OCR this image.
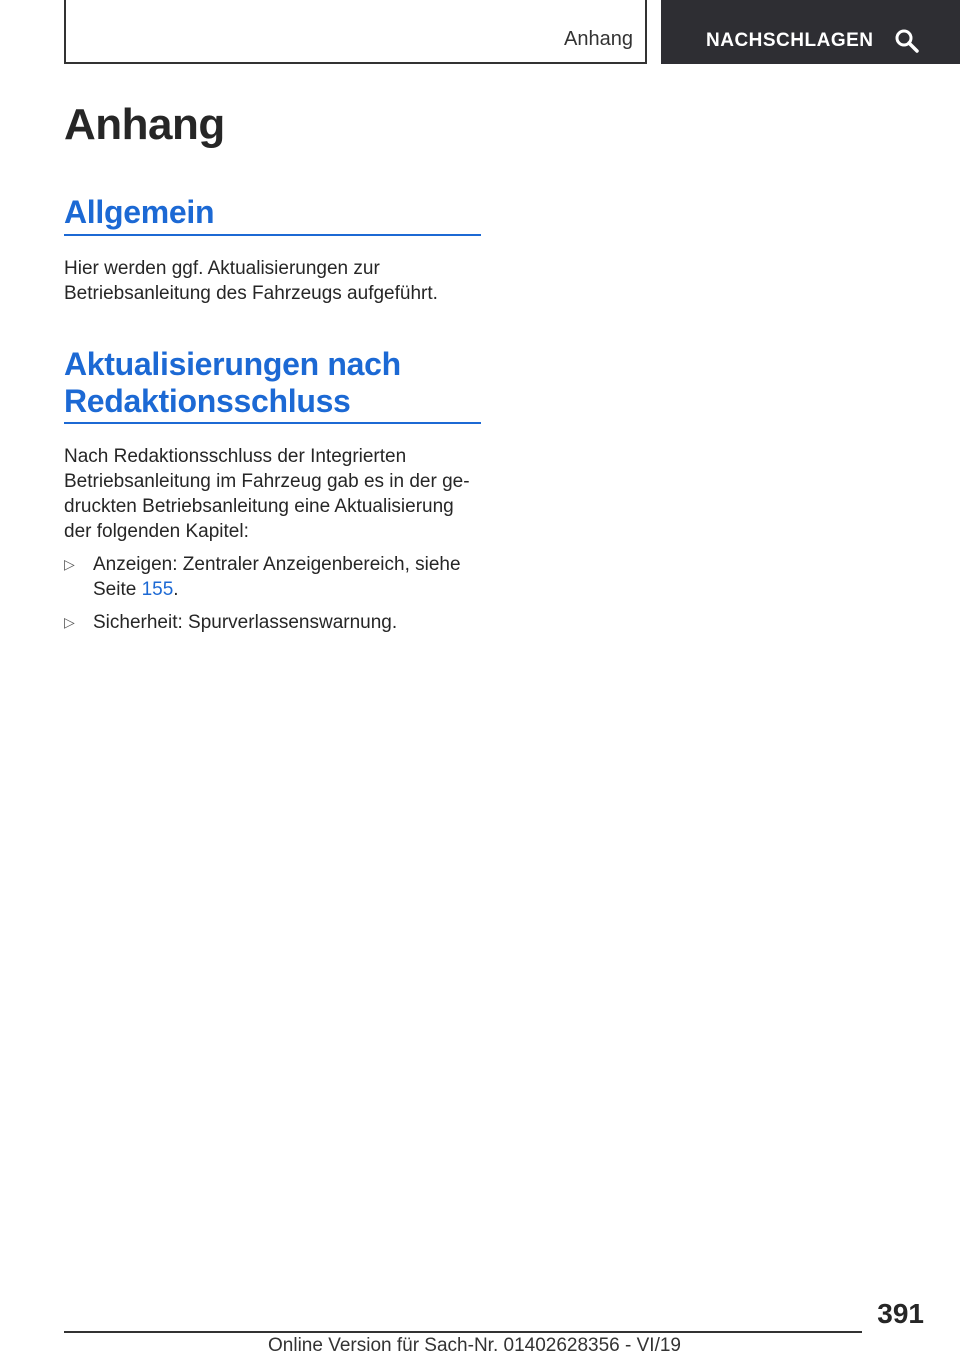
Anhang	NACHSCHLAGEN
Anhang
Allgemein

Hier werden ggf. Aktualisierungen zur Betriebsanleitung des Fahrzeugs aufgeführt.

Aktualisierungen nach
Redaktionsschluss

Nach Redaktionsschluss der Integrierten Betriebsanleitung im Fahrzeug gab es in der ge-druckten Betriebsanleitung eine Aktualisierung der folgenden Kapitel:

▷ Anzeigen: Zentraler Anzeigenbereich, siehe Seite 155.
▷ Sicherheit: Spurverlassenswarnung.
391
Online Version für Sach-Nr. 01402628356 - VI/19
